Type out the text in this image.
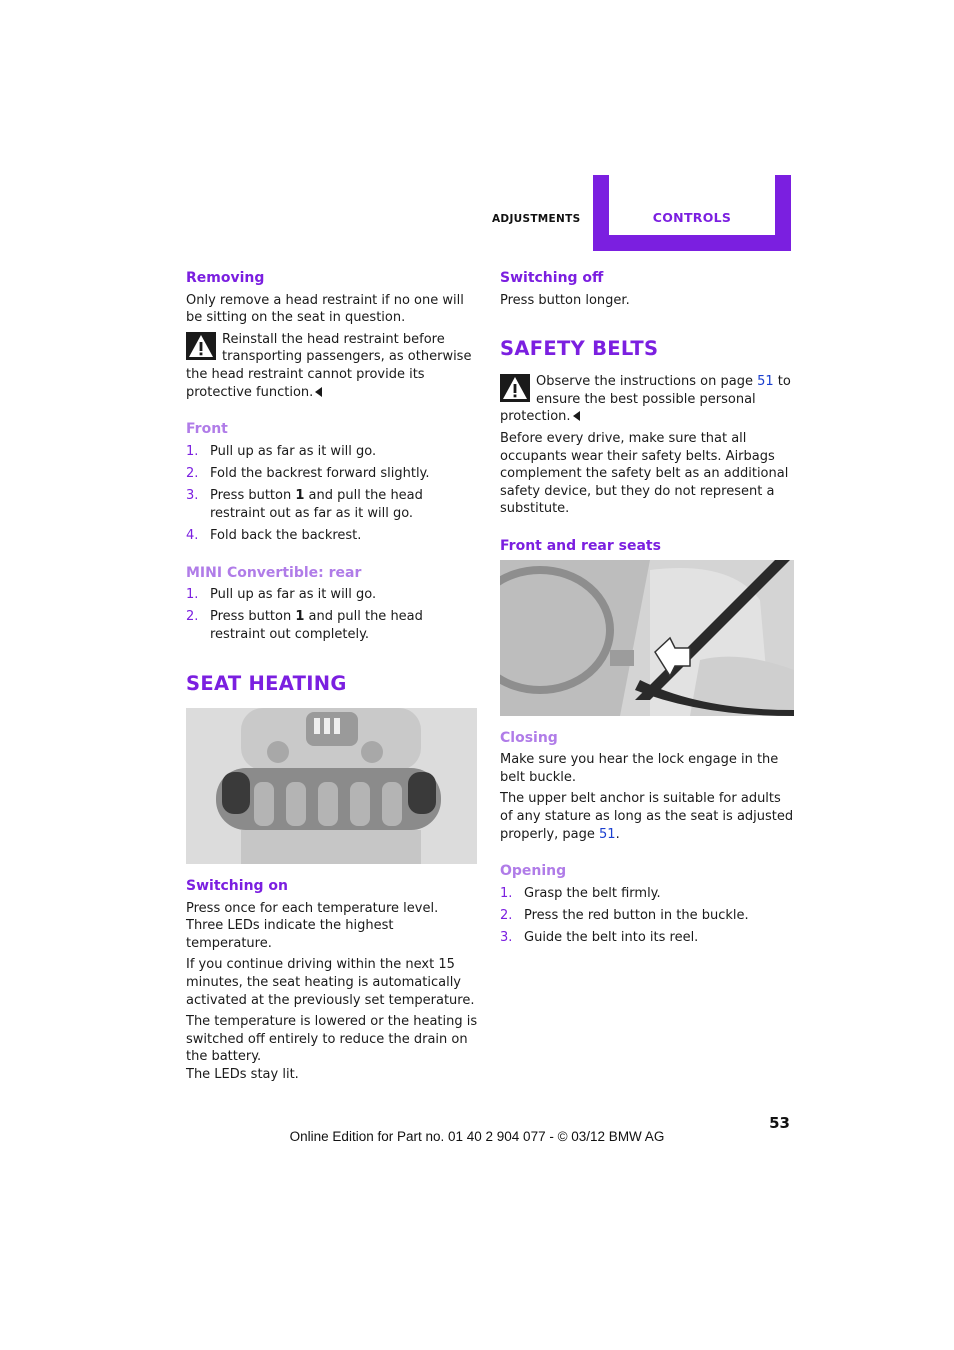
ADJUSTMENTS	CONTROLS
Removing

Only remove a head restraint if no one will be sitting on the seat in question.

Reinstall the head restraint before transporting passengers, as otherwise the head restraint cannot provide its protective function.
Front
1. Pull up as far as it will go.
2. Fold the backrest forward slightly.
3. Press button 1 and pull the head restraint out as far as it will go.
4. Fold back the backrest.
MINI Convertible: rear
1. Pull up as far as it will go.
2. Press button 1 and pull the head restraint out completely.
SEAT HEATING
Switching on

Press once for each temperature level.

Three LEDs indicate the highest temperature.

If you continue driving within the next 15 minutes, the seat heating is automatically activated at the previously set temperature.

The temperature is lowered or the heating is switched off entirely to reduce the drain on the battery.

The LEDs stay lit.

Switching off

Press button longer.

SAFETY BELTS
Observe the instructions on page 51 to ensure the best possible personal protection.

Before every drive, make sure that all occupants wear their safety belts. Airbags complement the safety belt as an additional safety device, but they do not represent a substitute.

Front and rear seats
Closing

Make sure you hear the lock engage in the belt buckle.

The upper belt anchor is suitable for adults of any stature as long as the seat is adjusted properly, page 51.

Opening
1. Grasp the belt firmly.
2. Press the red button in the buckle.
3. Guide the belt into its reel.
53
Online Edition for Part no. 01 40 2 904 077 - © 03/12 BMW AG
